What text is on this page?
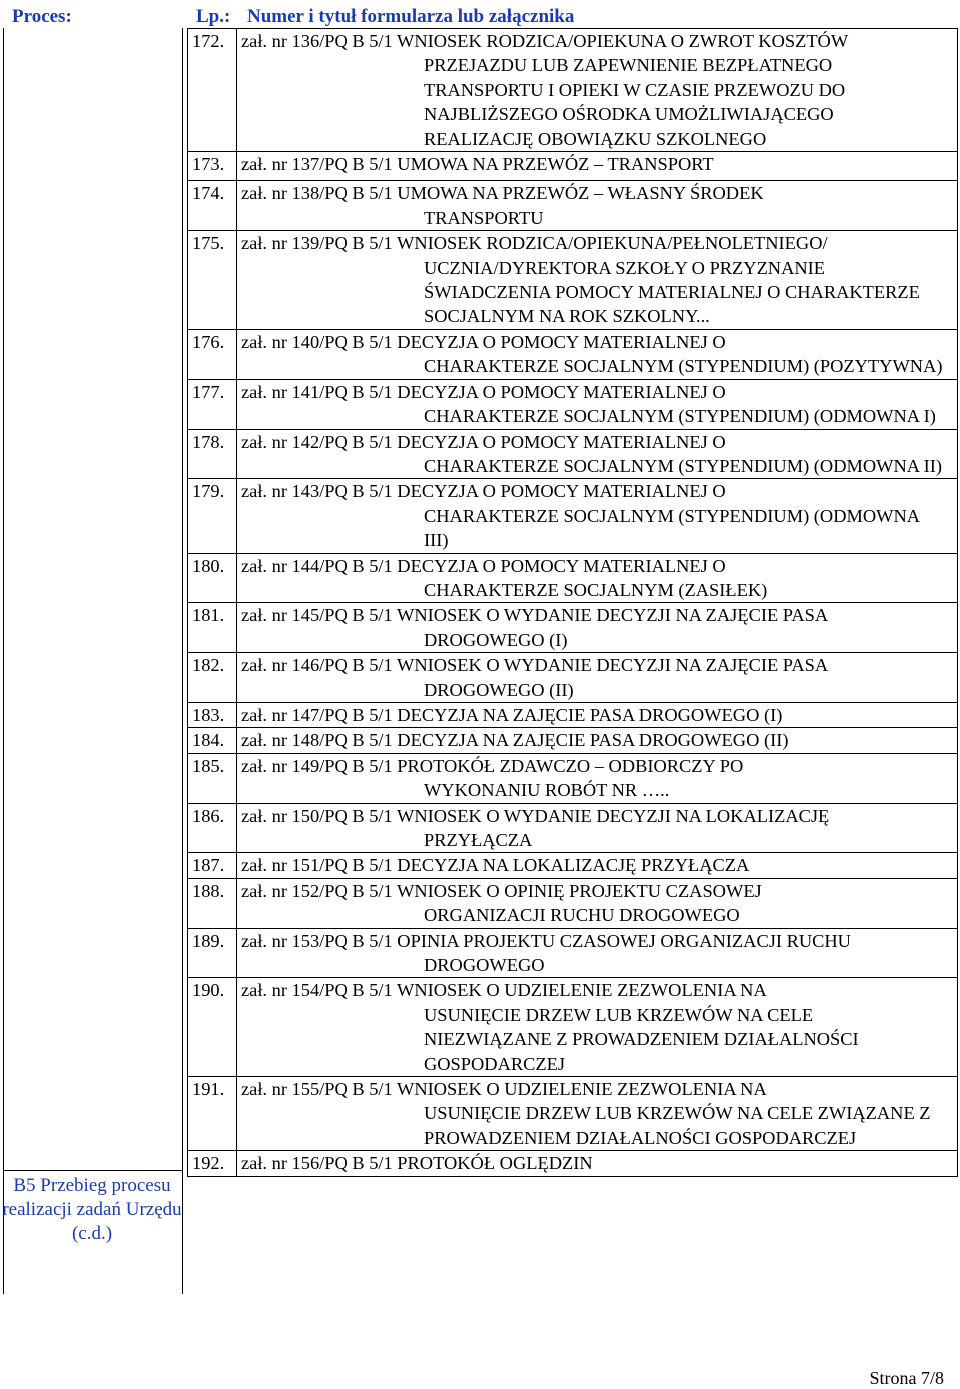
Proces:	Lp.: Numer i tytuł formularza lub załącznika
B5 Przebieg procesu realizacji zadań Urzędu (c.d.)
172.	zał. nr 136/PQ B 5/1 WNIOSEK RODZICA/OPIEKUNA O ZWROT KOSZTÓW
PRZEJAZDU LUB ZAPEWNIENIE BEZPŁATNEGO TRANSPORTU I OPIEKI W CZASIE PRZEWOZU DO NAJBLIŻSZEGO OŚRODKA UMOŻLIWIAJĄCEGO REALIZACJĘ OBOWIĄZKU SZKOLNEGO

173.	zał. nr 137/PQ B 5/1 UMOWA NA PRZEWÓZ – TRANSPORT
174.	zał. nr 138/PQ B 5/1 UMOWA NA PRZEWÓZ – WŁASNY ŚRODEK
TRANSPORTU

175.	zał. nr 139/PQ B 5/1 WNIOSEK RODZICA/OPIEKUNA/PEŁNOLETNIEGO/
UCZNIA/DYREKTORA SZKOŁY O PRZYZNANIE ŚWIADCZENIA POMOCY MATERIALNEJ O CHARAKTERZE SOCJALNYM NA ROK SZKOLNY...

176.	zał. nr 140/PQ B 5/1 DECYZJA O POMOCY MATERIALNEJ O
CHARAKTERZE SOCJALNYM (STYPENDIUM) (POZYTYWNA)

177.	zał. nr 141/PQ B 5/1 DECYZJA O POMOCY MATERIALNEJ O
CHARAKTERZE SOCJALNYM (STYPENDIUM) (ODMOWNA I)

178.	zał. nr 142/PQ B 5/1 DECYZJA O POMOCY MATERIALNEJ O
CHARAKTERZE SOCJALNYM (STYPENDIUM) (ODMOWNA II)

179.	zał. nr 143/PQ B 5/1 DECYZJA O POMOCY MATERIALNEJ O
CHARAKTERZE SOCJALNYM (STYPENDIUM) (ODMOWNA III)

180.	zał. nr 144/PQ B 5/1 DECYZJA O POMOCY MATERIALNEJ O
CHARAKTERZE SOCJALNYM (ZASIŁEK)

181.	zał. nr 145/PQ B 5/1 WNIOSEK O WYDANIE DECYZJI NA ZAJĘCIE PASA
DROGOWEGO (I)

182.	zał. nr 146/PQ B 5/1 WNIOSEK O WYDANIE DECYZJI NA ZAJĘCIE PASA
DROGOWEGO (II)

183.	zał. nr 147/PQ B 5/1 DECYZJA NA ZAJĘCIE PASA DROGOWEGO (I)
184.	zał. nr 148/PQ B 5/1 DECYZJA NA ZAJĘCIE PASA DROGOWEGO (II)
185.	zał. nr 149/PQ B 5/1 PROTOKÓŁ ZDAWCZO – ODBIORCZY PO
WYKONANIU ROBÓT NR …..

186.	zał. nr 150/PQ B 5/1 WNIOSEK O WYDANIE DECYZJI NA LOKALIZACJĘ
PRZYŁĄCZA

187.	zał. nr 151/PQ B 5/1 DECYZJA NA LOKALIZACJĘ PRZYŁĄCZA
188.	zał. nr 152/PQ B 5/1 WNIOSEK O OPINIĘ PROJEKTU CZASOWEJ
ORGANIZACJI RUCHU DROGOWEGO

189.	zał. nr 153/PQ B 5/1 OPINIA PROJEKTU CZASOWEJ ORGANIZACJI RUCHU
DROGOWEGO

190.	zał. nr 154/PQ B 5/1 WNIOSEK O UDZIELENIE ZEZWOLENIA NA
USUNIĘCIE DRZEW LUB KRZEWÓW NA CELE NIEZWIĄZANE Z PROWADZENIEM DZIAŁALNOŚCI GOSPODARCZEJ

191.	zał. nr 155/PQ B 5/1 WNIOSEK O UDZIELENIE ZEZWOLENIA NA
USUNIĘCIE DRZEW LUB KRZEWÓW NA CELE ZWIĄZANE Z PROWADZENIEM DZIAŁALNOŚCI GOSPODARCZEJ

192.	zał. nr 156/PQ B 5/1 PROTOKÓŁ OGLĘDZIN
Strona 7/8
